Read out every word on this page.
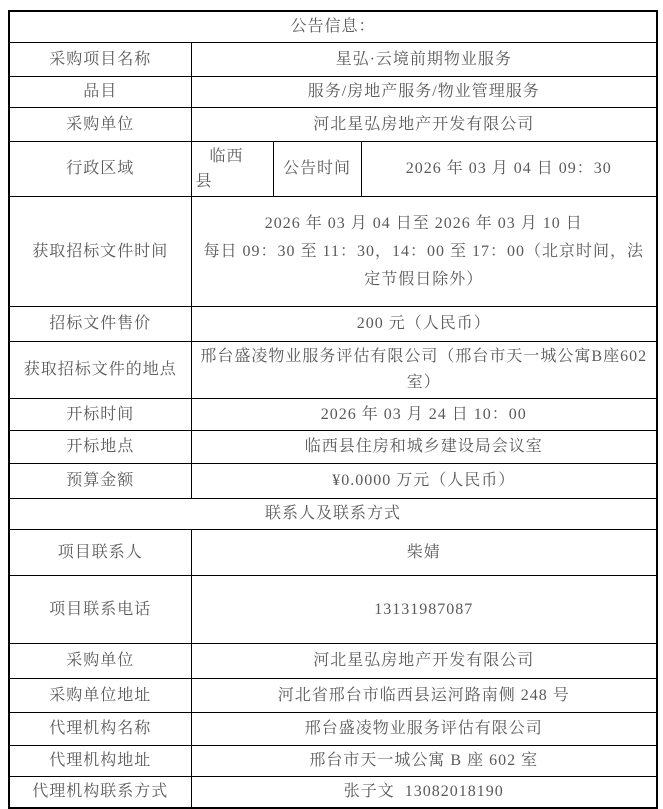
公告信息：			
采购项目名称	星弘·云境前期物业服务		
品目	服务/房地产服务/物业管理服务		
采购单位	河北星弘房地产开发有限公司		
行政区域	临西县	公告时间	2026 年 03 月 04 日 09：30
获取招标文件时间	2026 年 03 月 04 日至 2026 年 03 月 10 日
每日 09：30 至 11：30，14：00 至 17：00（北京时间，法定节假日除外）		

招标文件售价	200 元（人民币）		
获取招标文件的地点	邢台盛凌物业服务评估有限公司（邢台市天一城公寓B座602室）		
开标时间	2026 年 03 月 24 日 10：00		
开标地点	临西县住房和城乡建设局会议室		
预算金额	¥0.0000 万元（人民币）		
联系人及联系方式			
项目联系人	柴婧		
项目联系电话	13131987087		
采购单位	河北星弘房地产开发有限公司		
采购单位地址	河北省邢台市临西县运河路南侧 248 号		
代理机构名称	邢台盛凌物业服务评估有限公司		
代理机构地址	邢台市天一城公寓 B 座 602 室		
代理机构联系方式	张子文  13082018190		
